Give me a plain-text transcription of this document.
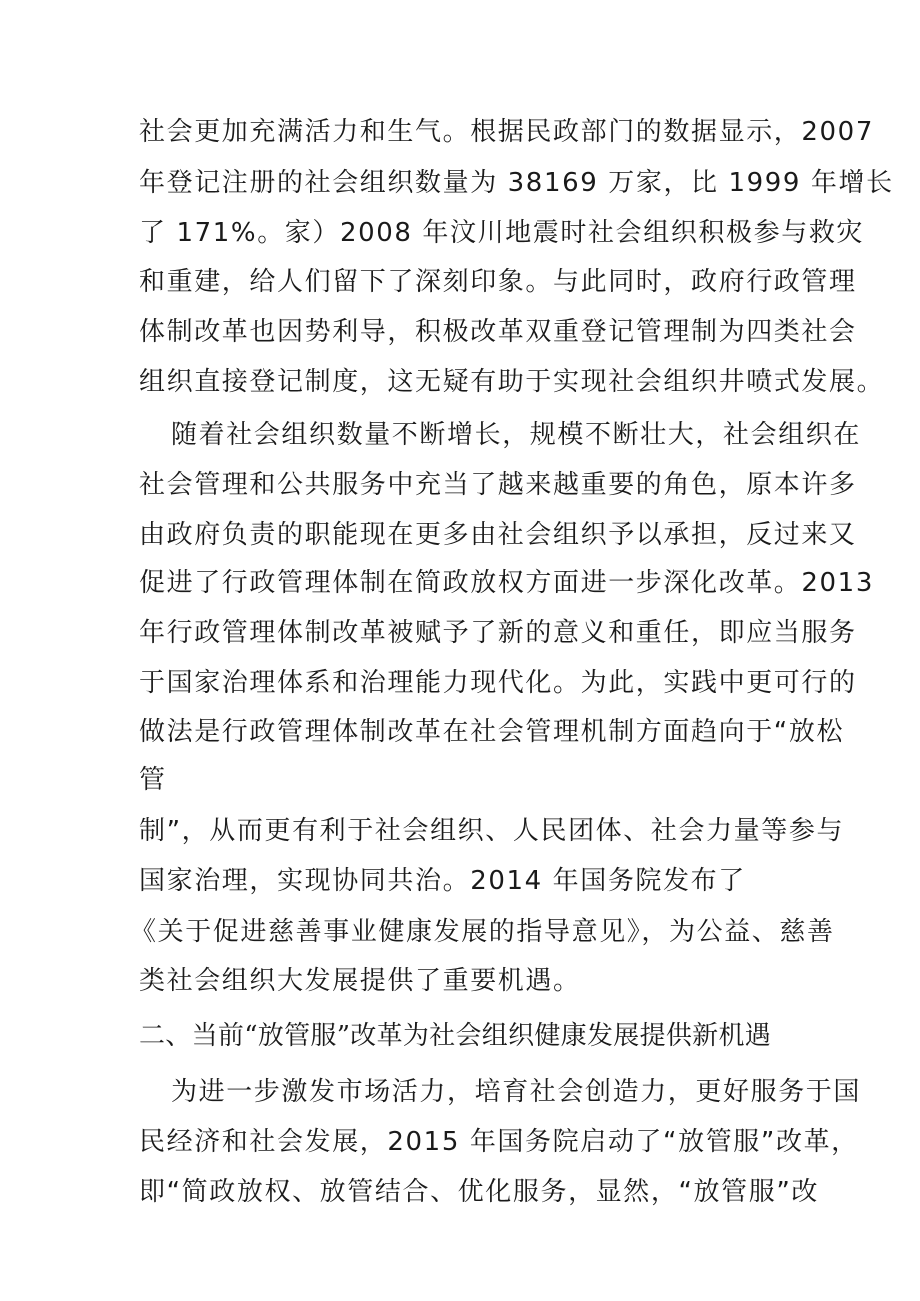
社会更加充满活力和生气。根据民政部门的数据显示，2007
年登记注册的社会组织数量为 38169 万家，比 1999 年增长
了 171%。家）2008 年汶川地震时社会组织积极参与救灾
和重建，给人们留下了深刻印象。与此同时，政府行政管理
体制改革也因势利导，积极改革双重登记管理制为四类社会
组织直接登记制度，这无疑有助于实现社会组织井喷式发展。
随着社会组织数量不断增长，规模不断壮大，社会组织在
社会管理和公共服务中充当了越来越重要的角色，原本许多
由政府负责的职能现在更多由社会组织予以承担，反过来又
促进了行政管理体制在简政放权方面进一步深化改革。2013
年行政管理体制改革被赋予了新的意义和重任，即应当服务
于国家治理体系和治理能力现代化。为此，实践中更可行的
做法是行政管理体制改革在社会管理机制方面趋向于“放松
管
制”，从而更有利于社会组织、人民团体、社会力量等参与
国家治理，实现协同共治。2014 年国务院发布了
《关于促进慈善事业健康发展的指导意见》，为公益、慈善
类社会组织大发展提供了重要机遇。
二、当前“放管服”改革为社会组织健康发展提供新机遇
为进一步激发市场活力，培育社会创造力，更好服务于国
民经济和社会发展，2015 年国务院启动了“放管服”改革，
即“简政放权、放管结合、优化服务，显然，“放管服”改
